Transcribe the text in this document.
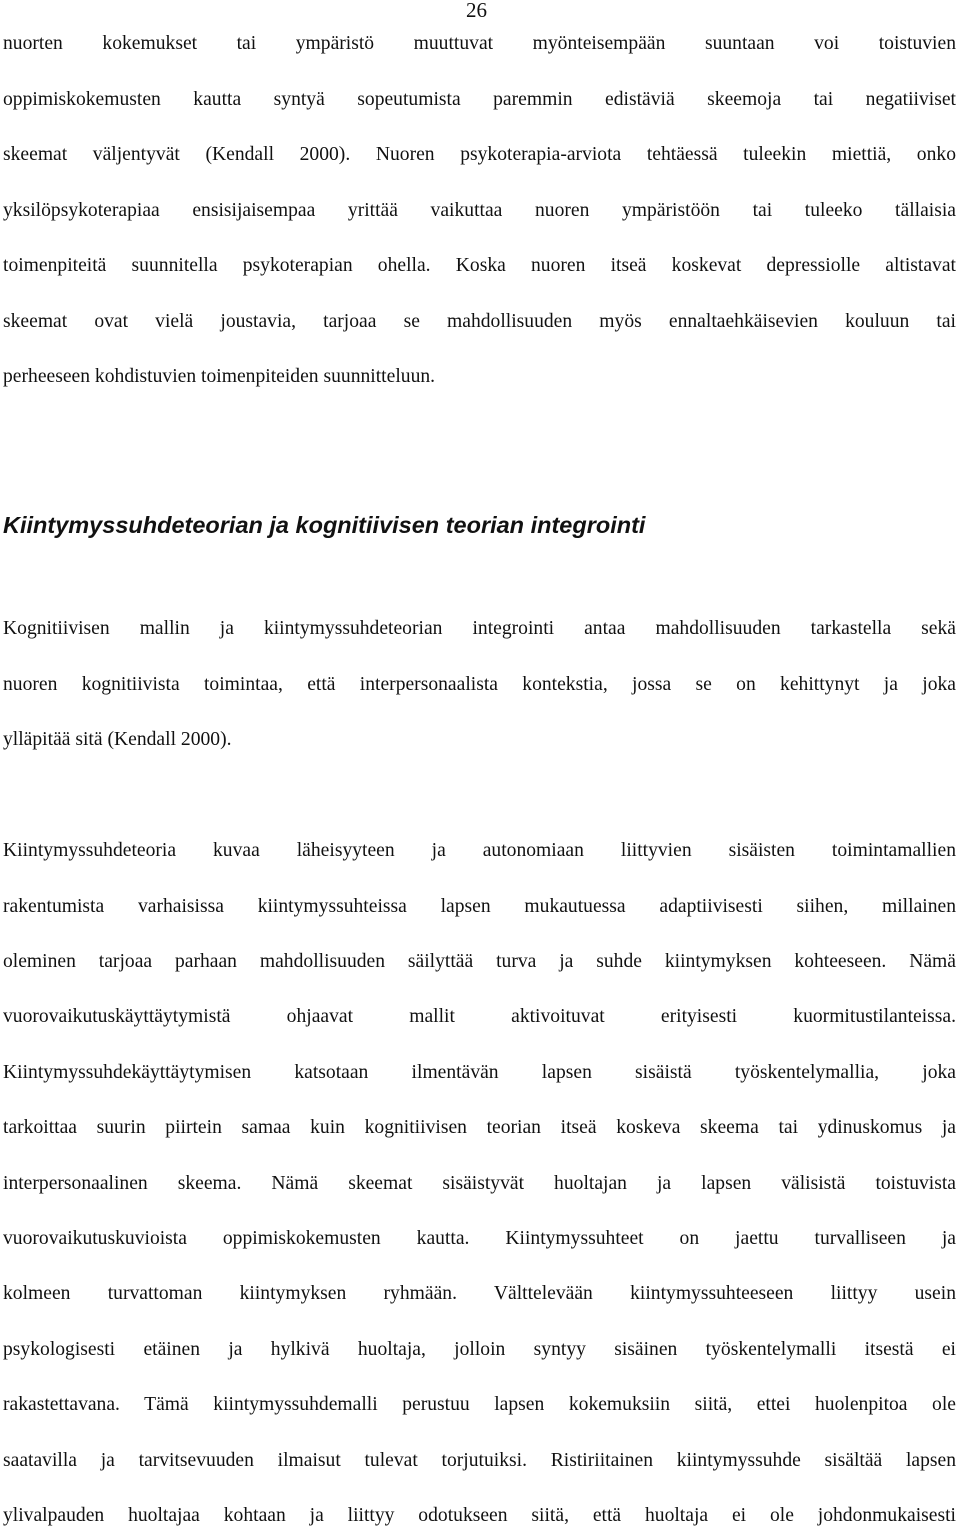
26
nuorten kokemukset tai ympäristö muuttuvat myönteisempään suuntaan voi toistuvien
oppimiskokemusten kautta syntyä sopeutumista paremmin edistäviä skeemoja tai negatiiviset
skeemat väljentyvät (Kendall 2000). Nuoren psykoterapia-arviota tehtäessä tuleekin miettiä, onko
yksilöpsykoterapiaa ensisijaisempaa yrittää vaikuttaa nuoren ympäristöön tai tuleeko tällaisia
toimenpiteitä suunnitella psykoterapian ohella. Koska nuoren itseä koskevat depressiolle altistavat
skeemat ovat vielä joustavia, tarjoaa se mahdollisuuden myös ennaltaehkäisevien kouluun tai
perheeseen kohdistuvien toimenpiteiden suunnitteluun.
Kiintymyssuhdeteorian ja kognitiivisen teorian integrointi
Kognitiivisen mallin ja kiintymyssuhdeteorian integrointi antaa mahdollisuuden tarkastella sekä
nuoren kognitiivista toimintaa, että interpersonaalista kontekstia, jossa se on kehittynyt ja joka
ylläpitää sitä (Kendall 2000).
Kiintymyssuhdeteoria kuvaa läheisyyteen ja autonomiaan liittyvien sisäisten toimintamallien
rakentumista varhaisissa kiintymyssuhteissa lapsen mukautuessa adaptiivisesti siihen, millainen
oleminen tarjoaa parhaan mahdollisuuden säilyttää turva ja suhde kiintymyksen kohteeseen. Nämä
vuorovaikutuskäyttäytymistä ohjaavat mallit aktivoituvat erityisesti kuormitustilanteissa.
Kiintymyssuhdekäyttäytymisen katsotaan ilmentävän lapsen sisäistä työskentelymallia, joka
tarkoittaa suurin piirtein samaa kuin kognitiivisen teorian itseä koskeva skeema tai ydinuskomus ja
interpersonaalinen skeema. Nämä skeemat sisäistyvät huoltajan ja lapsen välisistä toistuvista
vuorovaikutuskuvioista oppimiskokemusten kautta. Kiintymyssuhteet on jaettu turvalliseen ja
kolmeen turvattoman kiintymyksen ryhmään. Välttelevään kiintymyssuhteeseen liittyy usein
psykologisesti etäinen ja hylkivä huoltaja, jolloin syntyy sisäinen työskentelymalli itsestä ei
rakastettavana. Tämä kiintymyssuhdemalli perustuu lapsen kokemuksiin siitä, ettei huolenpitoa ole
saatavilla ja tarvitsevuuden ilmaisut tulevat torjutuiksi. Ristiriitainen kiintymyssuhde sisältää lapsen
ylivalpauden huoltajaa kohtaan ja liittyy odotukseen siitä, että huoltaja ei ole johdonmukaisesti
